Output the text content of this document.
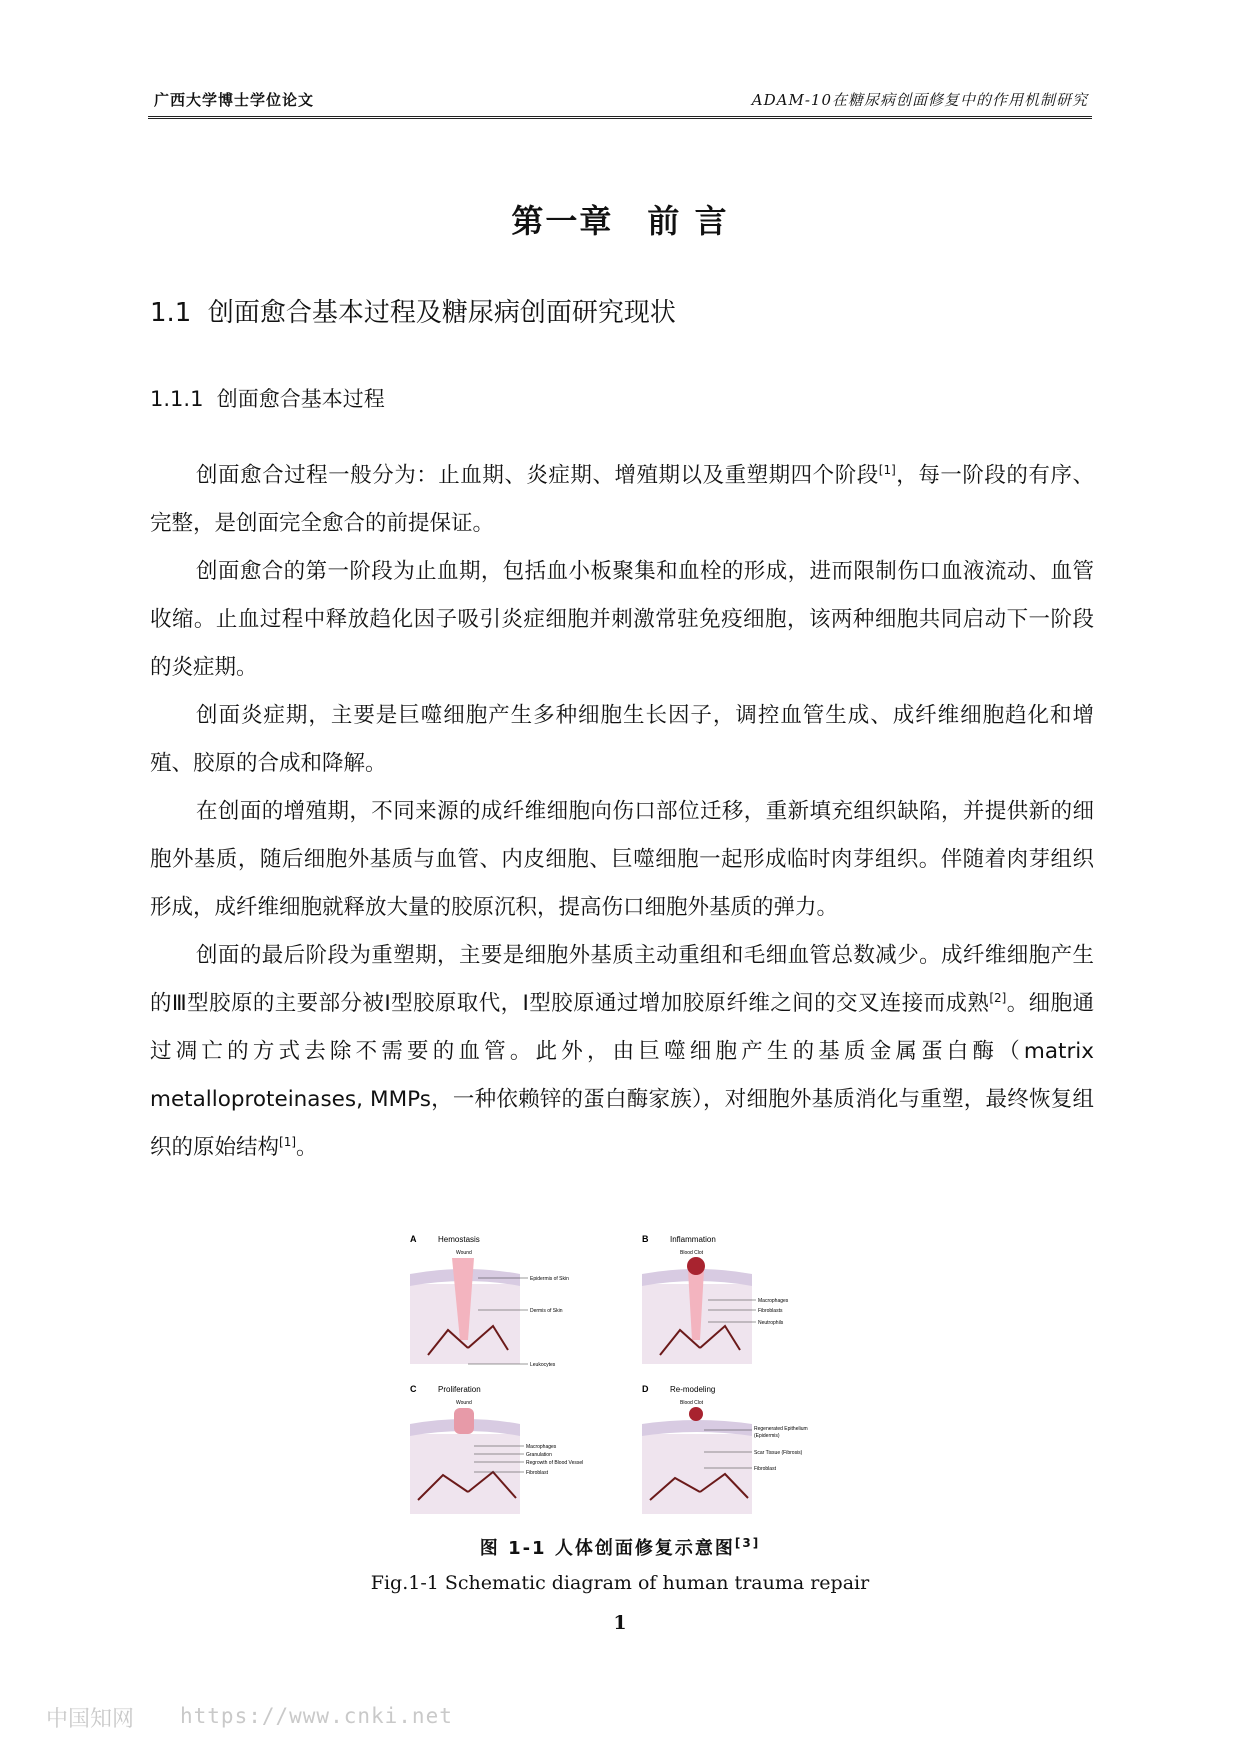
广西大学博士学位论文	ADAM-10在糖尿病创面修复中的作用机制研究
第一章　前 言
1.1 创面愈合基本过程及糖尿病创面研究现状
1.1.1 创面愈合基本过程

创面愈合过程一般分为：止血期、炎症期、增殖期以及重塑期四个阶段[1]，每一阶段的有序、完整，是创面完全愈合的前提保证。

创面愈合的第一阶段为止血期，包括血小板聚集和血栓的形成，进而限制伤口血液流动、血管收缩。止血过程中释放趋化因子吸引炎症细胞并刺激常驻免疫细胞，该两种细胞共同启动下一阶段的炎症期。

创面炎症期，主要是巨噬细胞产生多种细胞生长因子，调控血管生成、成纤维细胞趋化和增殖、胶原的合成和降解。

在创面的增殖期，不同来源的成纤维细胞向伤口部位迁移，重新填充组织缺陷，并提供新的细胞外基质，随后细胞外基质与血管、内皮细胞、巨噬细胞一起形成临时肉芽组织。伴随着肉芽组织形成，成纤维细胞就释放大量的胶原沉积，提高伤口细胞外基质的弹力。

创面的最后阶段为重塑期，主要是细胞外基质主动重组和毛细血管总数减少。成纤维细胞产生的Ⅲ型胶原的主要部分被Ⅰ型胶原取代，Ⅰ型胶原通过增加胶原纤维之间的交叉连接而成熟[2]。细胞通过凋亡的方式去除不需要的血管。此外，由巨噬细胞产生的基质金属蛋白酶（matrix metalloproteinases, MMPs，一种依赖锌的蛋白酶家族），对细胞外基质消化与重塑，最终恢复组织的原始结构[1]。

A	Hemostasis
Wound
Epidermis of Skin
Dermis of Skin
Leukocytes
B	Inflammation
Blood Clot
Macrophages
Fibroblasts
Neutrophils
C	Proliferation
Wound
Macrophages
Granulation
Regrowth of Blood Vessel
Fibroblast
D	Re-modeling
Blood Clot
Regenerated Epithelium
(Epidermis)
Scar Tissue (Fibrosis)
Fibroblast
图 1-1 人体创面修复示意图[3]
Fig.1-1 Schematic diagram of human trauma repair
1
中国知网 https://www.cnki.net
